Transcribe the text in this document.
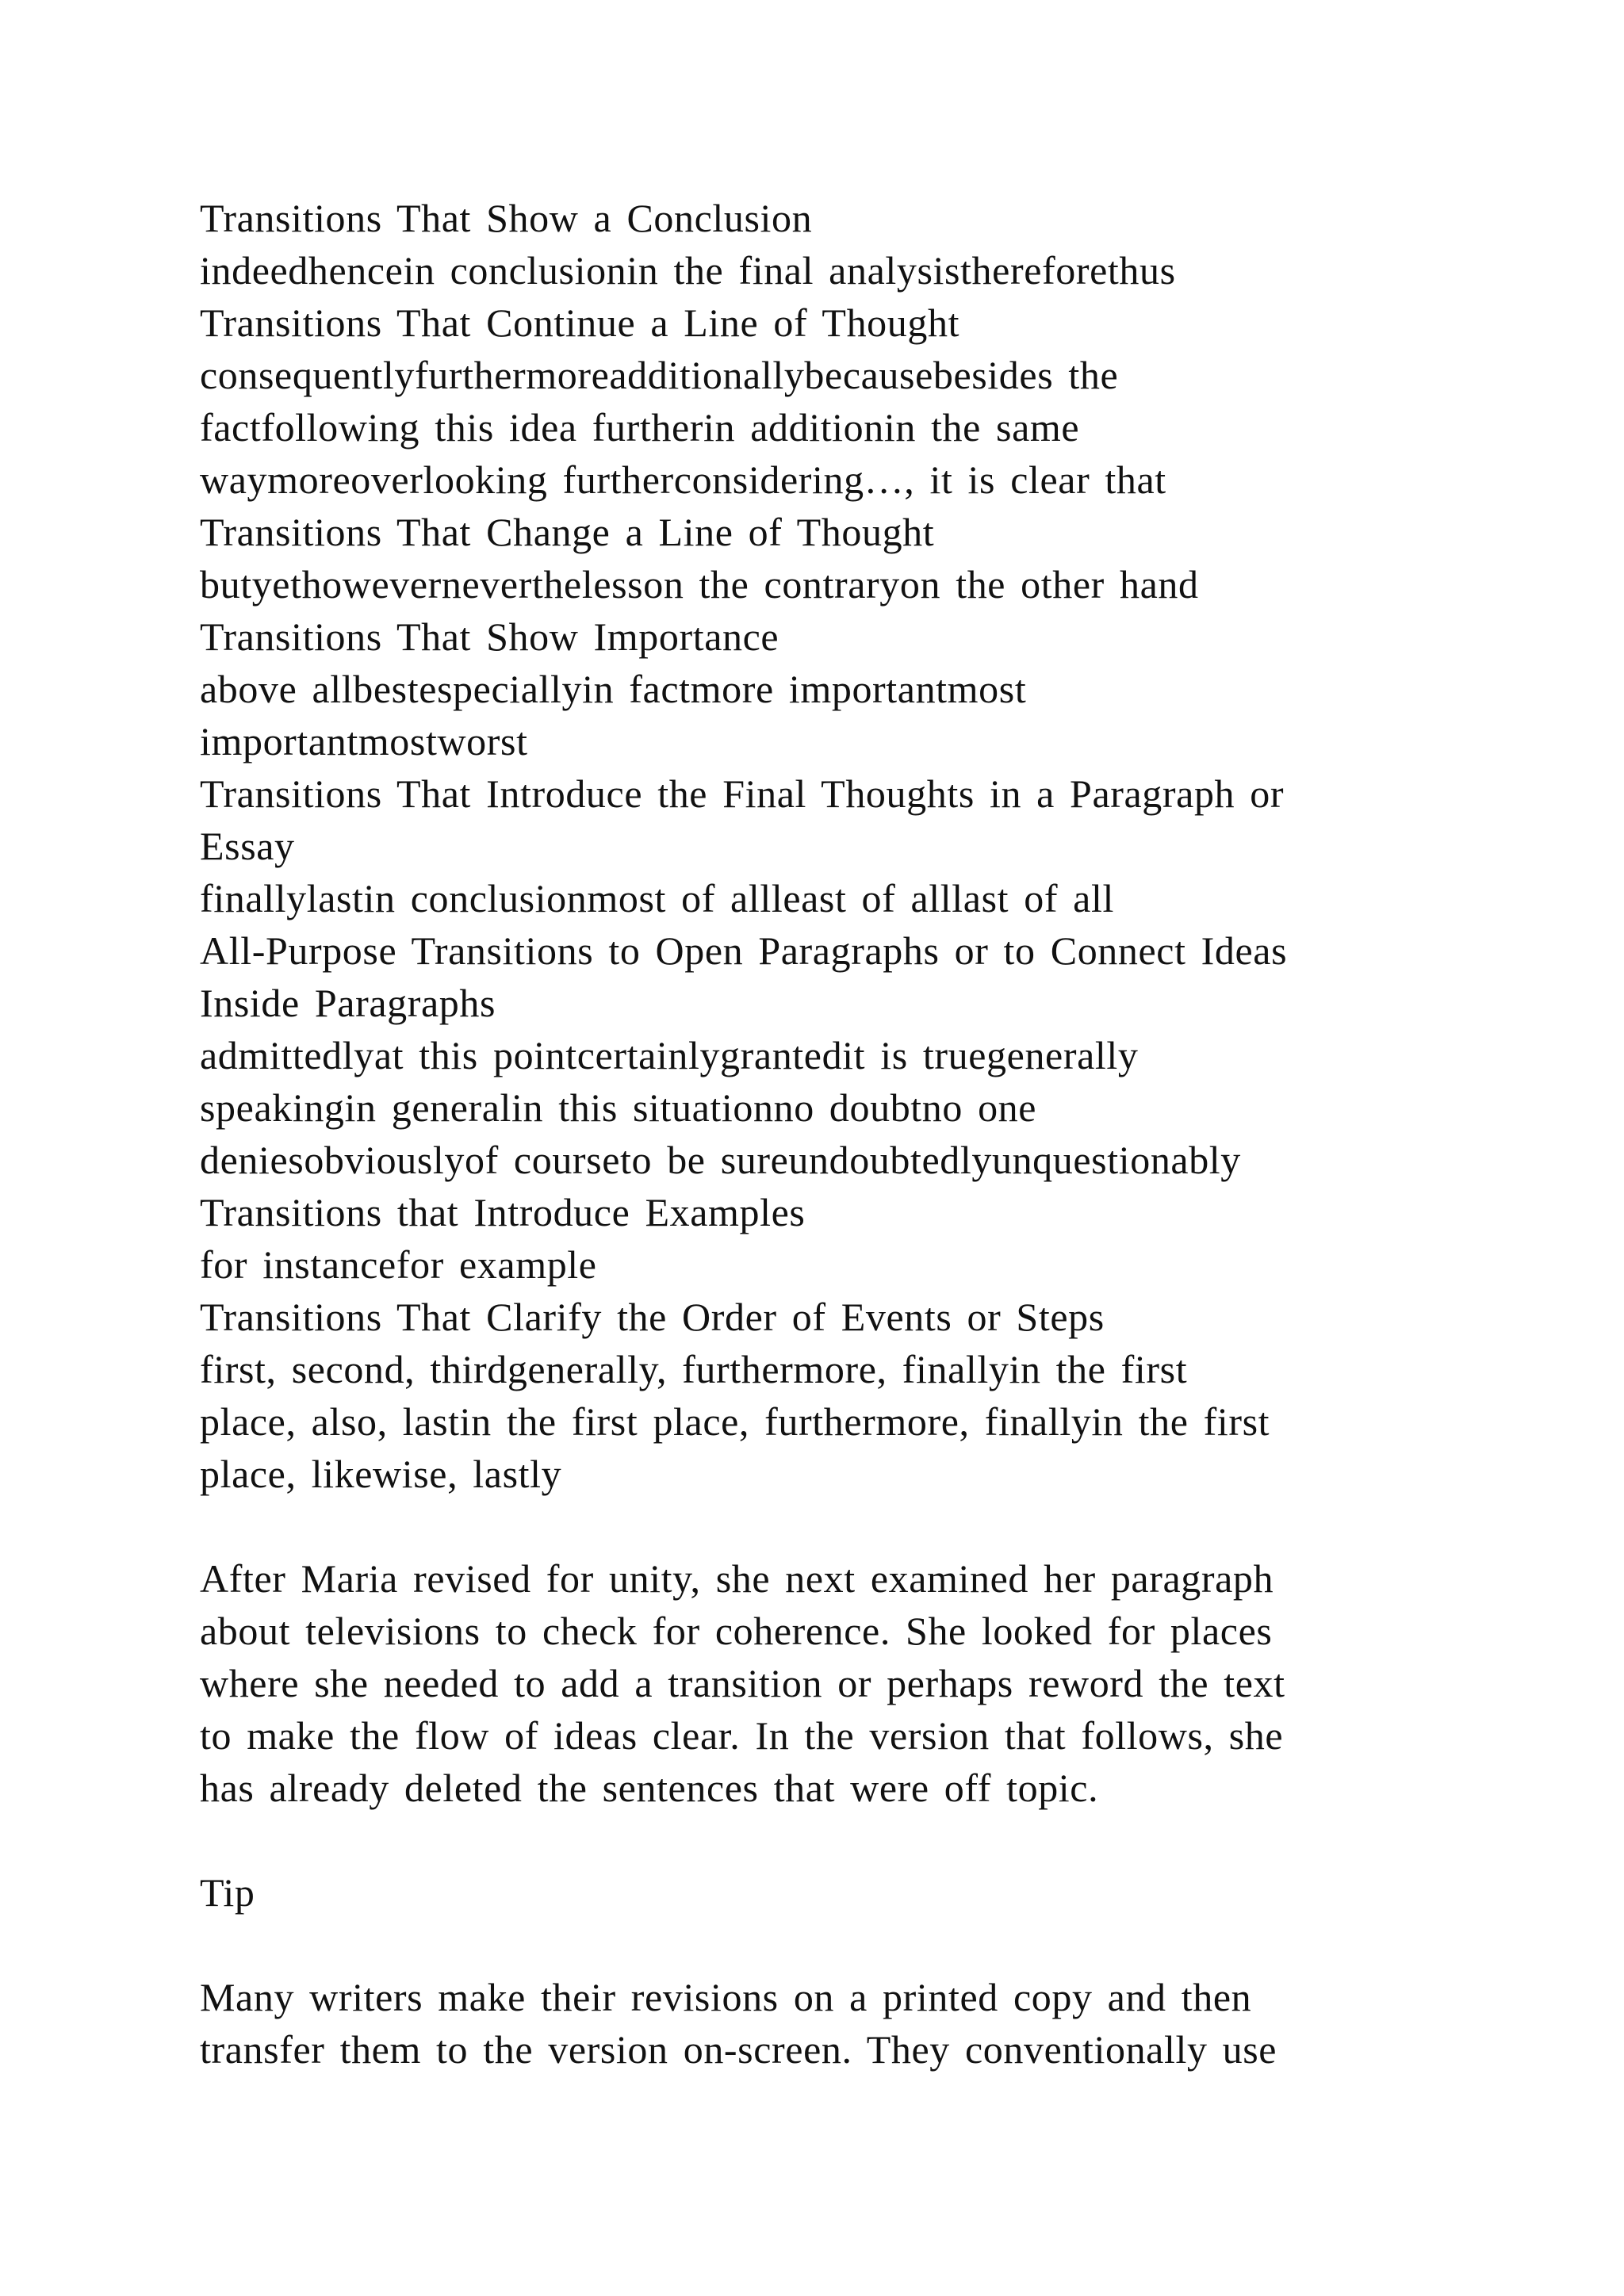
Transitions That Show a Conclusion
indeedhencein conclusionin the final analysisthereforethus
Transitions That Continue a Line of Thought
consequentlyfurthermoreadditionallybecausebesides the
factfollowing this idea furtherin additionin the same
waymoreoverlooking furtherconsidering…, it is clear that
Transitions That Change a Line of Thought
butyethoweverneverthelesson the contraryon the other hand
Transitions That Show Importance
above allbestespeciallyin factmore importantmost
importantmostworst
Transitions That Introduce the Final Thoughts in a Paragraph or
Essay
finallylastin conclusionmost of allleast of alllast of all
All-Purpose Transitions to Open Paragraphs or to Connect Ideas
Inside Paragraphs
admittedlyat this pointcertainlygrantedit is truegenerally
speakingin generalin this situationno doubtno one
deniesobviouslyof courseto be sureundoubtedlyunquestionably
Transitions that Introduce Examples
for instancefor example
Transitions That Clarify the Order of Events or Steps
first, second, thirdgenerally, furthermore, finallyin the first
place, also, lastin the first place, furthermore, finallyin the first
place, likewise, lastly
After Maria revised for unity, she next examined her paragraph
about televisions to check for coherence. She looked for places
where she needed to add a transition or perhaps reword the text
to make the flow of ideas clear. In the version that follows, she
has already deleted the sentences that were off topic.
Tip
Many writers make their revisions on a printed copy and then
transfer them to the version on-screen. They conventionally use
